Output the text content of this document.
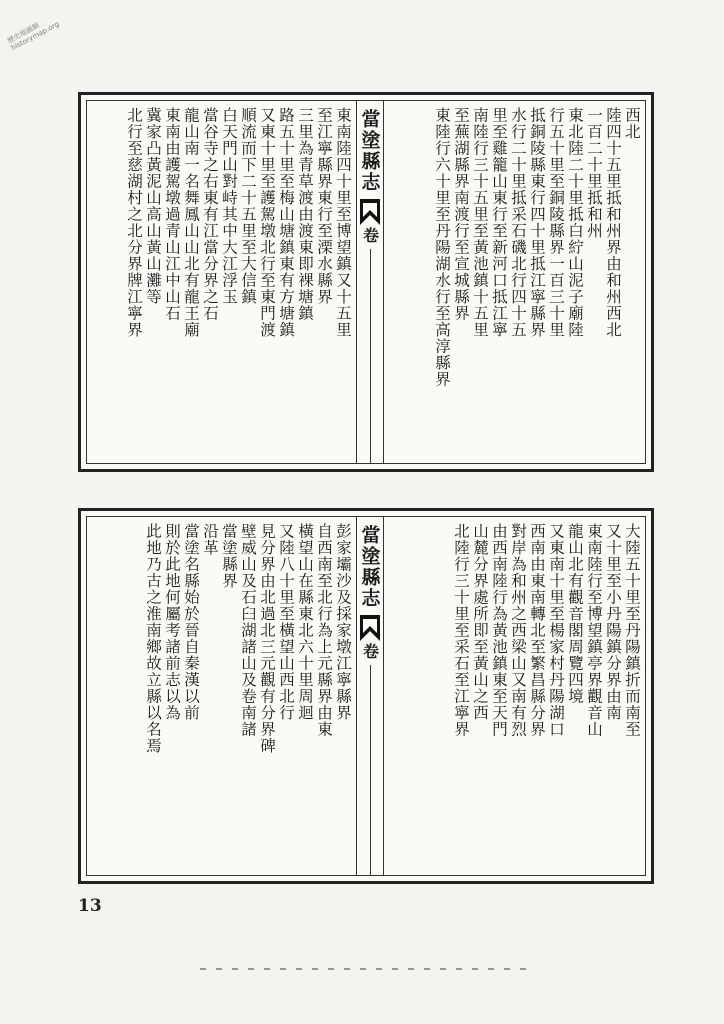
歷史地圖網 historymap.org
西北
陸四十五里抵和州界由和州西北
一百二十里抵和州
東北陸二十里抵白紵山泥子廟陸
行五十里至銅陵縣界一百三十里
抵銅陵縣東行四十里抵江寧縣界
水行二十里抵采石磯北行四十五
里至雞籠山東行至新河口抵江寧
南陸行三十五里至黃池鎮十五里
至蕪湖縣界南渡行至宣城縣界
東陸行六十里至丹陽湖水行至高淳縣界
當塗縣志
卷
東南陸四十里至博望鎮又十五里
至江寧縣界東行至溧水縣界
三里為青草渡由渡東即裸塘鎮
路五十里至梅山塘鎮東有方塘鎮
又東十里至護駕墩北行至東門渡
順流而下二十五里至大信鎮
白天門山對峙其中大江浮玉
當谷寺之右東有江當分界之石
龍山南一名舞鳳山山北有龍王廟
東南由護駕墩過青山江中山石
冀家凸黃泥山高山黃山灘等
北行至慈湖村之北分界牌江寧界
大陸五十里至丹陽鎮折而南至
又十里至小丹陽鎮分界由南
東南陸行至博望鎮亭界觀音山
龍山北有觀音閣周覽四境
又東南十里至楊家村丹陽湖口
西南由東南轉北至繁昌縣分界
對岸為和州之西梁山又南有烈
由西南陸行為黃池鎮東至天門
山麓分界處所即至黃山之西
北陸行三十里至采石至江寧界
當塗縣志
卷
彭家壩沙及採家墩江寧縣界
自西南至北行為上元縣界由東
橫望山在縣東北六十里周迴
又陸八十里至橫望山西北行
見分界由北過北三元觀有分界碑
壁威山及石臼湖諸山及卷南諸
當塗縣界
沿革
當塗名縣始於晉自秦漢以前
則於此地何屬考諸前志以為
此地乃古之淮南鄉故立縣以名焉
13
